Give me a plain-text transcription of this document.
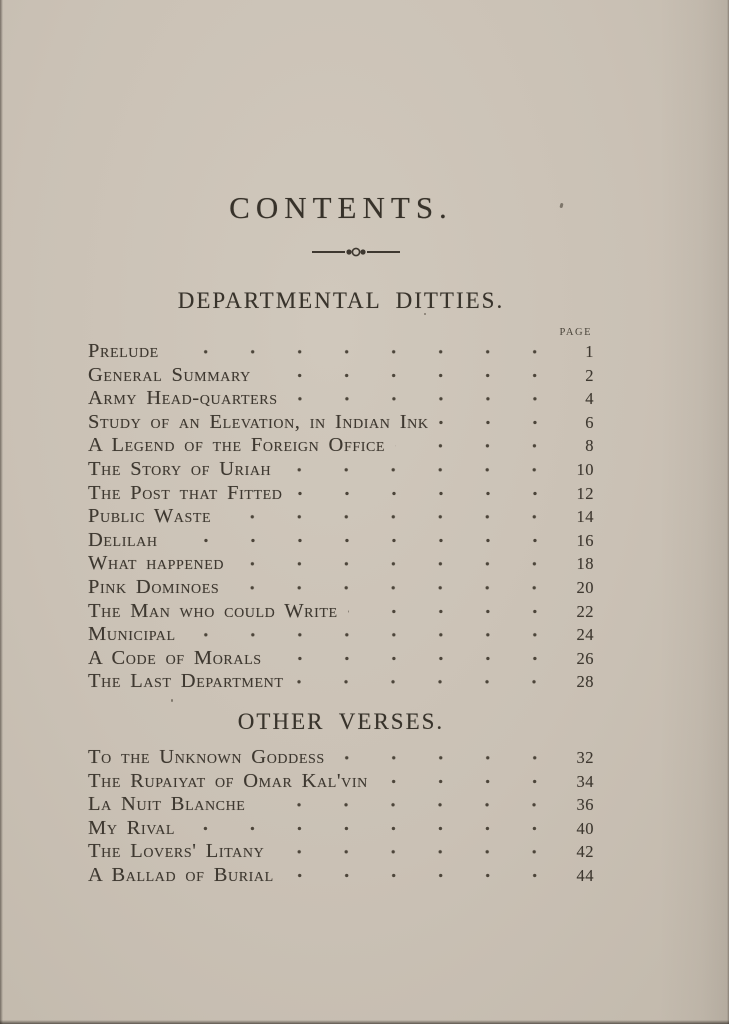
CONTENTS.
DEPARTMENTAL DITTIES.
PAGE
Prelude	1
General Summary	2
Army Head-quarters	4
Study of an Elevation, in Indian Ink	6
A Legend of the Foreign Office	8
The Story of Uriah	10
The Post that Fitted	12
Public Waste	14
Delilah	16
What happened	18
Pink Dominoes	20
The Man who could Write	22
Municipal	24
A Code of Morals	26
The Last Department	28
OTHER VERSES.
To the Unknown Goddess	32
The Rupaiyat of Omar Kal'vin	34
La Nuit Blanche	36
My Rival	40
The Lovers' Litany	42
A Ballad of Burial	44
